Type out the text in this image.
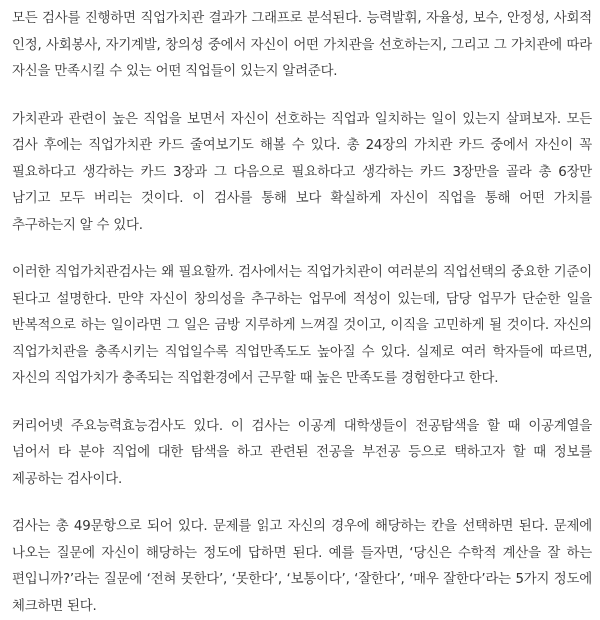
모든 검사를 진행하면 직업가치관 결과가 그래프로 분석된다. 능력발휘, 자율성, 보수, 안정성, 사회적 인정, 사회봉사, 자기계발, 창의성 중에서 자신이 어떤 가치관을 선호하는지, 그리고 그 가치관에 따라 자신을 만족시킬 수 있는 어떤 직업들이 있는지 알려준다.

가치관과 관련이 높은 직업을 보면서 자신이 선호하는 직업과 일치하는 일이 있는지 살펴보자. 모든 검사 후에는 직업가치관 카드 줄여보기도 해볼 수 있다. 총 24장의 가치관 카드 중에서 자신이 꼭 필요하다고 생각하는 카드 3장과 그 다음으로 필요하다고 생각하는 카드 3장만을 골라 총 6장만 남기고 모두 버리는 것이다. 이 검사를 통해 보다 확실하게 자신이 직업을 통해 어떤 가치를 추구하는지 알 수 있다.

이러한 직업가치관검사는 왜 필요할까. 검사에서는 직업가치관이 여러분의 직업선택의 중요한 기준이 된다고 설명한다. 만약 자신이 창의성을 추구하는 업무에 적성이 있는데, 담당 업무가 단순한 일을 반복적으로 하는 일이라면 그 일은 금방 지루하게 느껴질 것이고, 이직을 고민하게 될 것이다. 자신의 직업가치관을 충족시키는 직업일수록 직업만족도도 높아질 수 있다. 실제로 여러 학자들에 따르면, 자신의 직업가치가 충족되는 직업환경에서 근무할 때 높은 만족도를 경험한다고 한다.

커리어넷 주요능력효능검사도 있다. 이 검사는 이공계 대학생들이 전공탐색을 할 때 이공계열을 넘어서 타 분야 직업에 대한 탐색을 하고 관련된 전공을 부전공 등으로 택하고자 할 때 정보를 제공하는 검사이다.

검사는 총 49문항으로 되어 있다. 문제를 읽고 자신의 경우에 해당하는 칸을 선택하면 된다. 문제에 나오는 질문에 자신이 해당하는 정도에 답하면 된다. 예를 들자면, ‘당신은 수학적 계산을 잘 하는 편입니까?’라는 질문에 ‘전혀 못한다’, ‘못한다’, ‘보통이다’, ‘잘한다’, ‘매우 잘한다’라는 5가지 정도에 체크하면 된다.
